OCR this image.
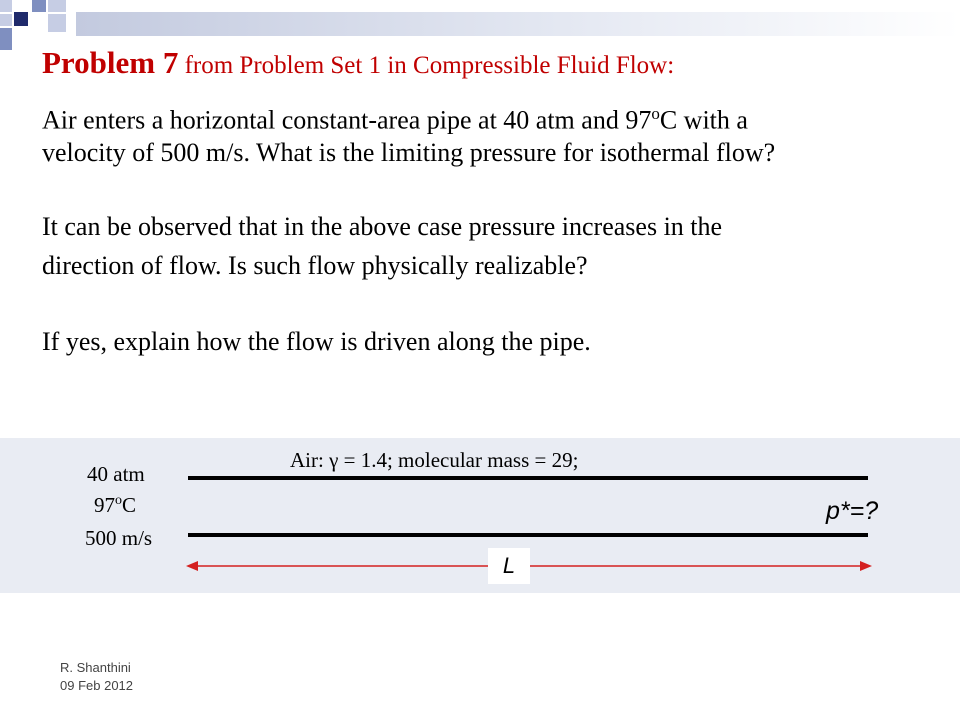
Problem 7 from Problem Set 1 in Compressible Fluid Flow:

Air enters a horizontal constant-area pipe at 40 atm and 97$^o$C with a

velocity of 500 m/s. What is the limiting pressure for isothermal flow?

It can be observed that in the above case pressure increases in the

direction of flow. Is such flow physically realizable?

If yes, explain how the flow is driven along the pipe.

Air: γ = 1.4; molecular mass = 29;
40 atm
97$^o$C
500 m/s
p*=?
L
R. Shanthini
09 Feb 2012
